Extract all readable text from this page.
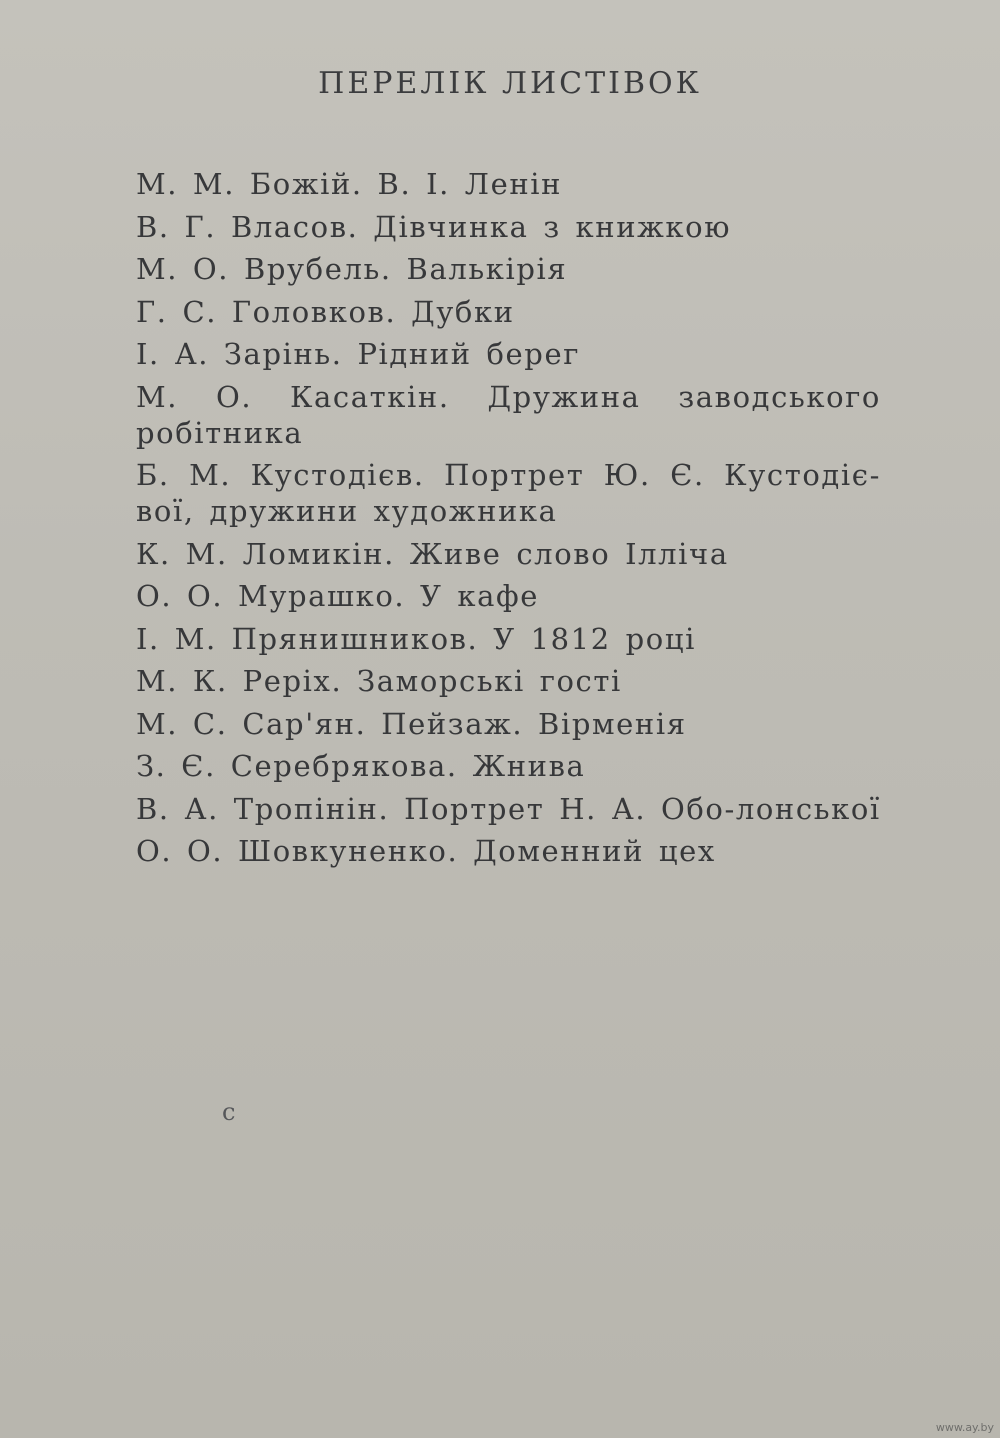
ПЕРЕЛІК ЛИСТІВОК
М. М. Божій. В. І. Ленін
В. Г. Власов. Дівчинка з книжкою
М. О. Врубель. Валькірія
Г. С. Головков. Дубки
І. А. Зарінь. Рідний берег
М. О. Касаткін. Дружина заводського робітника
Б. М. Кустодієв. Портрет Ю. Є. Кустодіє-вої, дружини художника
К. М. Ломикін. Живе слово Ілліча
О. О. Мурашко. У кафе
І. М. Прянишников. У 1812 році
М. К. Реріх. Заморські гості
М. С. Сар'ян. Пейзаж. Вірменія
З. Є. Серебрякова. Жнива
В. А. Тропінін. Портрет Н. А. Обо-лонської
О. О. Шовкуненко. Доменний цех
с
www.ay.by
